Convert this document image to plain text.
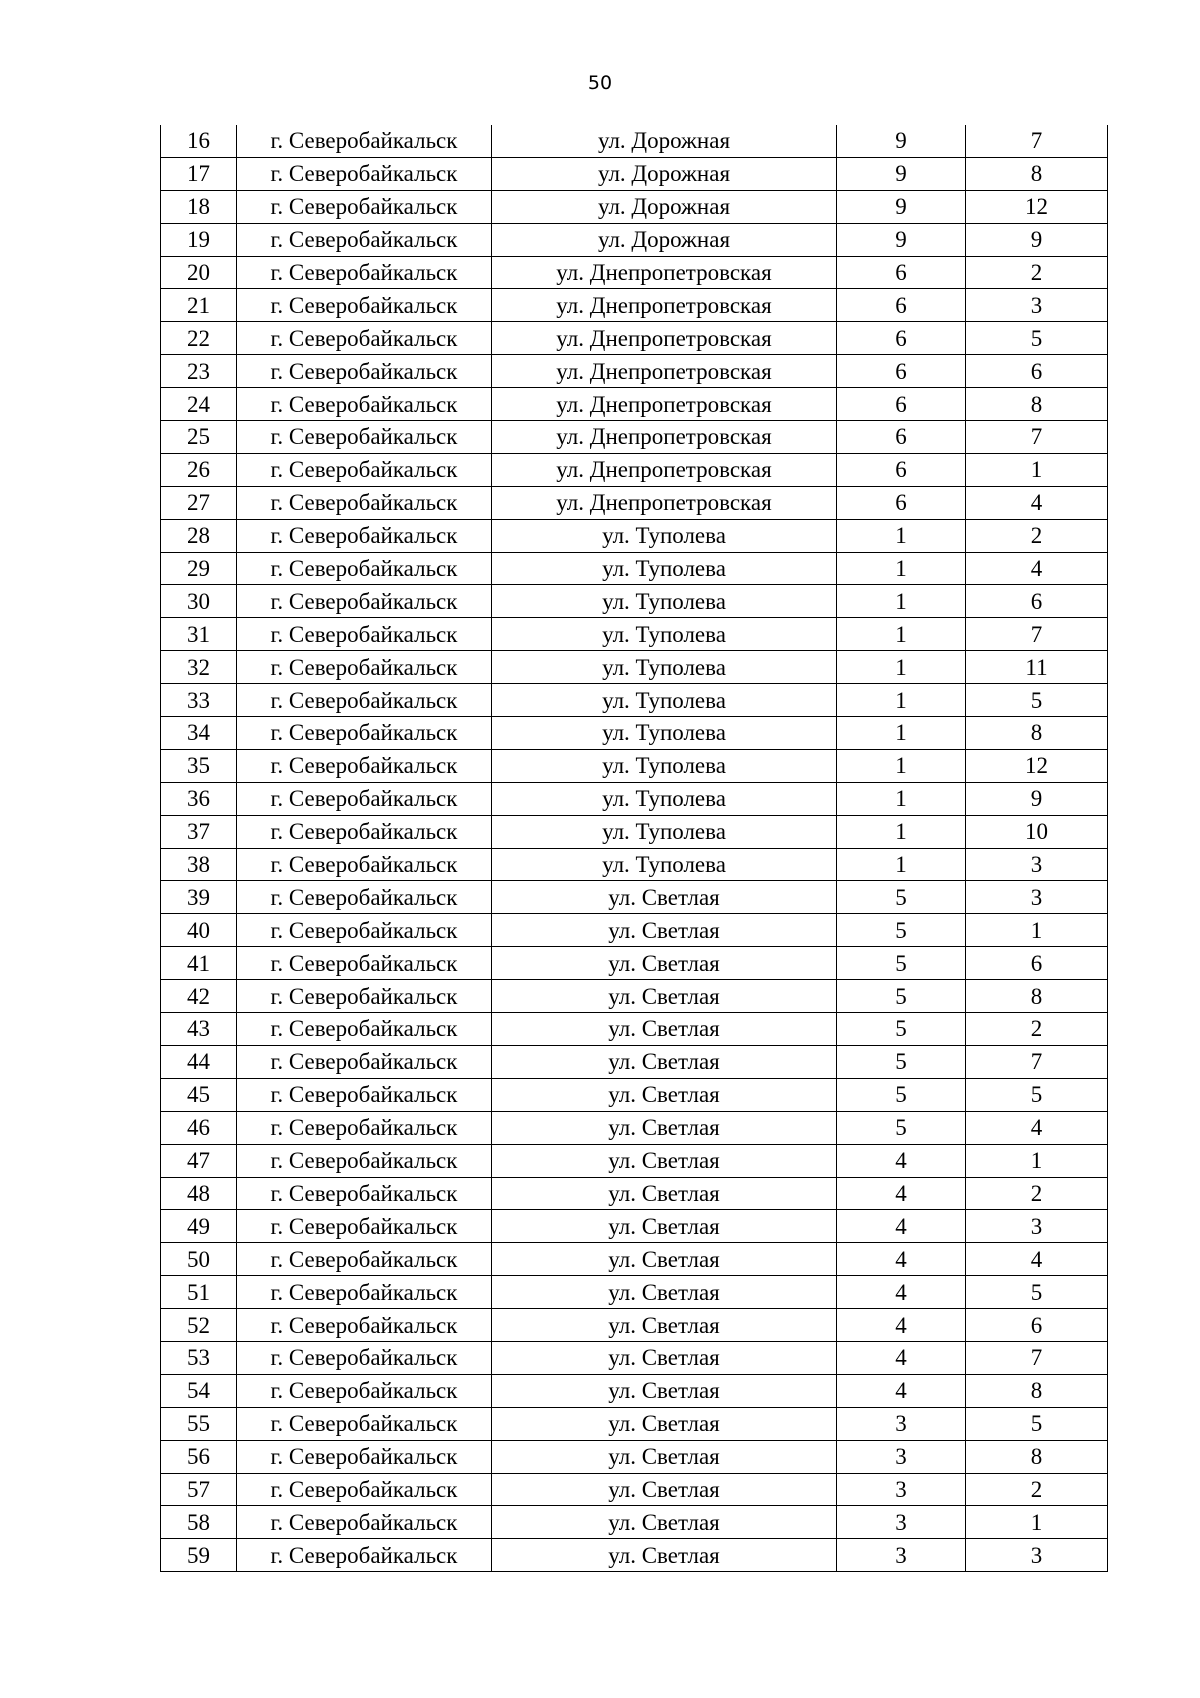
50
16	г. Северобайкальск	ул. Дорожная	9	7
17	г. Северобайкальск	ул. Дорожная	9	8
18	г. Северобайкальск	ул. Дорожная	9	12
19	г. Северобайкальск	ул. Дорожная	9	9
20	г. Северобайкальск	ул. Днепропетровская	6	2
21	г. Северобайкальск	ул. Днепропетровская	6	3
22	г. Северобайкальск	ул. Днепропетровская	6	5
23	г. Северобайкальск	ул. Днепропетровская	6	6
24	г. Северобайкальск	ул. Днепропетровская	6	8
25	г. Северобайкальск	ул. Днепропетровская	6	7
26	г. Северобайкальск	ул. Днепропетровская	6	1
27	г. Северобайкальск	ул. Днепропетровская	6	4
28	г. Северобайкальск	ул. Туполева	1	2
29	г. Северобайкальск	ул. Туполева	1	4
30	г. Северобайкальск	ул. Туполева	1	6
31	г. Северобайкальск	ул. Туполева	1	7
32	г. Северобайкальск	ул. Туполева	1	11
33	г. Северобайкальск	ул. Туполева	1	5
34	г. Северобайкальск	ул. Туполева	1	8
35	г. Северобайкальск	ул. Туполева	1	12
36	г. Северобайкальск	ул. Туполева	1	9
37	г. Северобайкальск	ул. Туполева	1	10
38	г. Северобайкальск	ул. Туполева	1	3
39	г. Северобайкальск	ул. Светлая	5	3
40	г. Северобайкальск	ул. Светлая	5	1
41	г. Северобайкальск	ул. Светлая	5	6
42	г. Северобайкальск	ул. Светлая	5	8
43	г. Северобайкальск	ул. Светлая	5	2
44	г. Северобайкальск	ул. Светлая	5	7
45	г. Северобайкальск	ул. Светлая	5	5
46	г. Северобайкальск	ул. Светлая	5	4
47	г. Северобайкальск	ул. Светлая	4	1
48	г. Северобайкальск	ул. Светлая	4	2
49	г. Северобайкальск	ул. Светлая	4	3
50	г. Северобайкальск	ул. Светлая	4	4
51	г. Северобайкальск	ул. Светлая	4	5
52	г. Северобайкальск	ул. Светлая	4	6
53	г. Северобайкальск	ул. Светлая	4	7
54	г. Северобайкальск	ул. Светлая	4	8
55	г. Северобайкальск	ул. Светлая	3	5
56	г. Северобайкальск	ул. Светлая	3	8
57	г. Северобайкальск	ул. Светлая	3	2
58	г. Северобайкальск	ул. Светлая	3	1
59	г. Северобайкальск	ул. Светлая	3	3
